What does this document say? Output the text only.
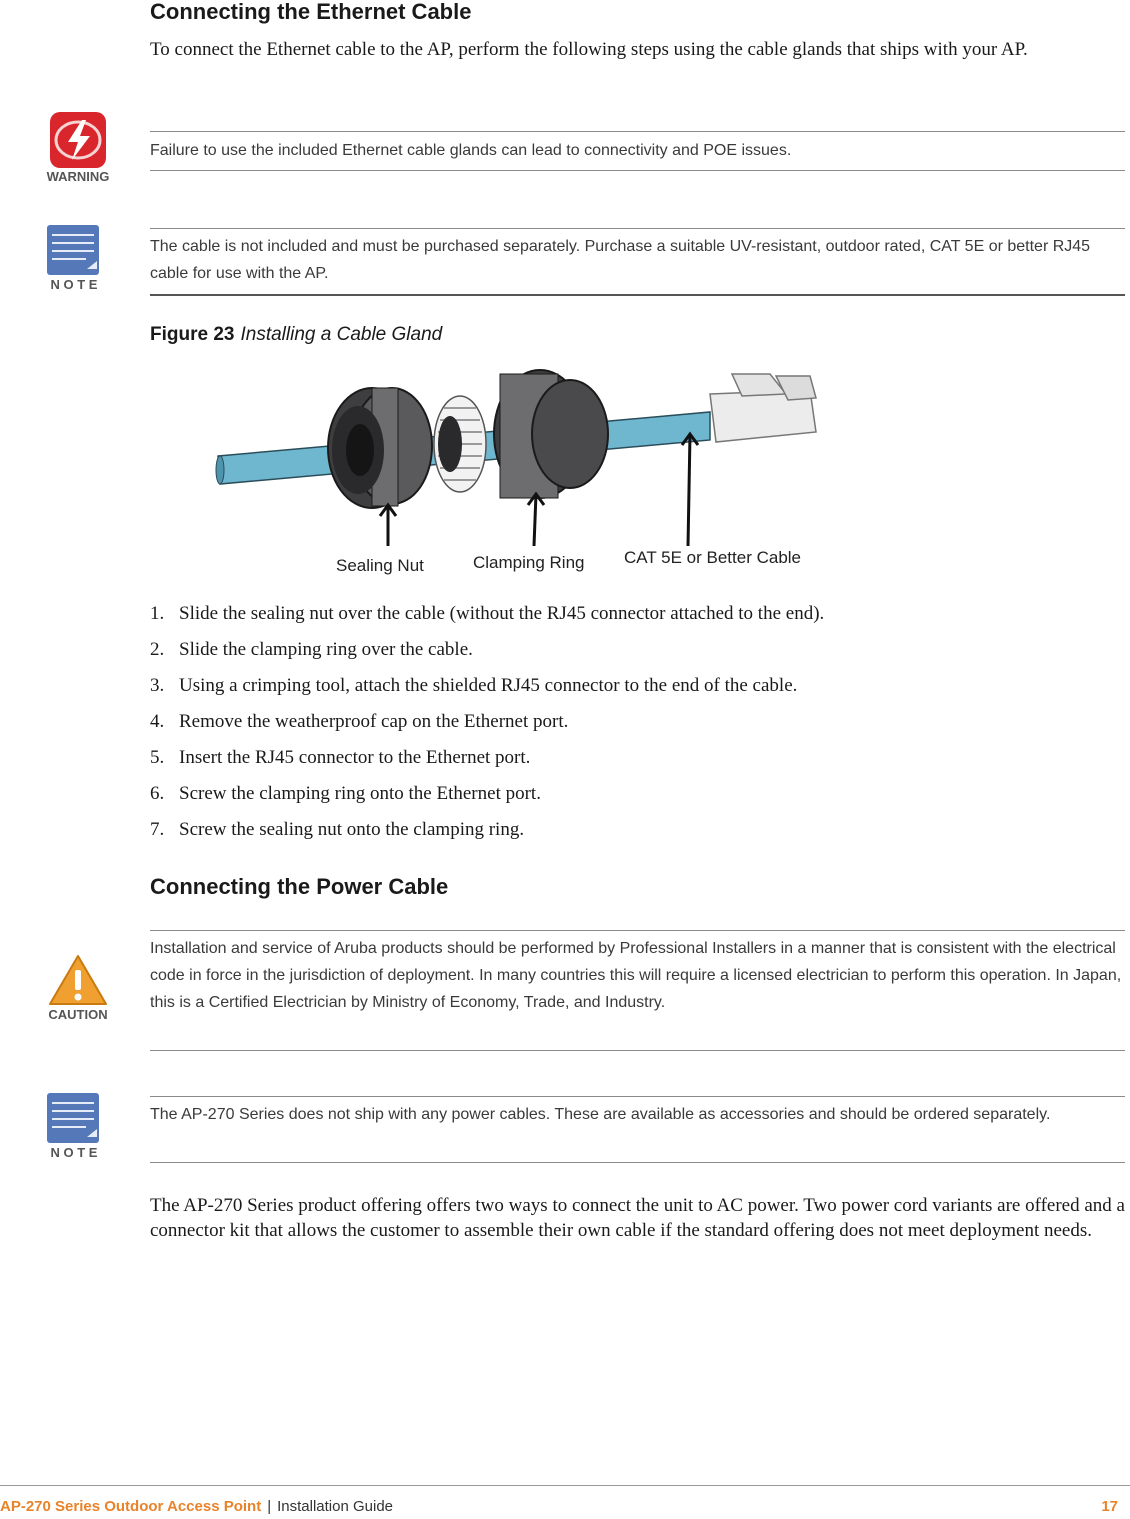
Connecting the Ethernet Cable

To connect the Ethernet cable to the AP, perform the following steps using the cable glands that ships with your AP.

WARNING

Failure to use the included Ethernet cable glands can lead to connectivity and POE issues.

N O T E

The cable is not included and must be purchased separately. Purchase a suitable UV-resistant, outdoor rated, CAT 5E or better RJ45 cable for use with the AP.

Figure 23 Installing a Cable Gland
Sealing Nut	Clamping Ring CAT 5E or Better Cable
1. Slide the sealing nut over the cable (without the RJ45 connector attached to the end).
2. Slide the clamping ring over the cable.
3. Using a crimping tool, attach the shielded RJ45 connector to the end of the cable.
4. Remove the weatherproof cap on the Ethernet port.
5. Insert the RJ45 connector to the Ethernet port.
6. Screw the clamping ring onto the Ethernet port.
7. Screw the sealing nut onto the clamping ring.
Connecting the Power Cable
CAUTION

Installation and service of Aruba products should be performed by Professional Installers in a manner that is consistent with the electrical code in force in the jurisdiction of deployment. In many countries this will require a licensed electrician to perform this operation. In Japan, this is a Certified Electrician by Ministry of Economy, Trade, and Industry.

N O T E

The AP-270 Series does not ship with any power cables. These are available as accessories and should be ordered separately.

The AP-270 Series product offering offers two ways to connect the unit to AC power. Two power cord variants are offered and a connector kit that allows the customer to assemble their own cable if the standard offering does not meet deployment needs.

AP-270 Series Outdoor Access Point | Installation Guide	17
